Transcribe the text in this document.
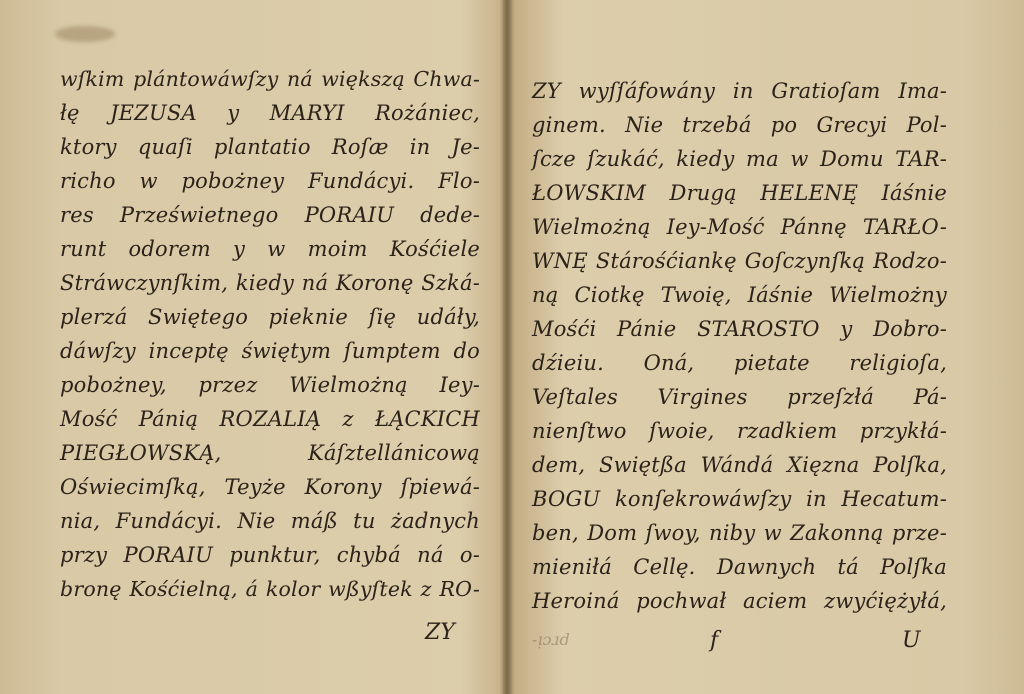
wſkim plántowáwſzy ná większą Chwa-
łę JEZUSA y MARYI Rożániec,
ktory quaſi plantatio Roſæ in Je-
richo w pobożney Fundácyi. Flo-
res Prześwietnego PORAIU dede-
runt odorem y w moim Kośćiele
Stráwczynſkim, kiedy ná Koronę Szká-
plerzá Swiętego pieknie ſię udáły,
dáwſzy inceptę świętym ſumptem do
pobożney, przez Wielmożną Iey-
Mość Pánią ROZALIĄ z ŁĄCKICH
PIEGŁOWSKĄ, Káſztellánicową
Oświecimſką, Teyże Korony ſpiewá-
nia, Fundácyi. Nie máß tu żadnych
przy PORAIU punktur, chybá ná o-
bronę Kośćielną, á kolor wßyſtek z RO-
ZY
ZY wyſſáfowány in Gratioſam Ima-
ginem. Nie trzebá po Grecyi Pol-
ſcze ſzukáć, kiedy ma w Domu TAR-
ŁOWSKIM Drugą HELENĘ Iáśnie
Wielmożną Iey-Mość Pánnę TARŁO-
WNĘ Stárośćiankę Goſczynſką Rodzo-
ną Ciotkę Twoię, Iáśnie Wielmożny
Mośći Pánie STAROSTO y Dobro-
dźieiu. Oná, pietate religioſa,
Veſtales Virgines przeſzłá Pá-
nienſtwo ſwoie, rzadkiem przykłá-
dem, Swiętßa Wándá Xięzna Polſka,
BOGU konſekrowáwſzy in Hecatum-
ben, Dom ſwoy, niby w Zakonną prze-
mieniłá Cellę. Dawnych tá Polſka
Heroiná pochwał aciem zwyćiężyłá,
-ᴉɔɹd	f	U
